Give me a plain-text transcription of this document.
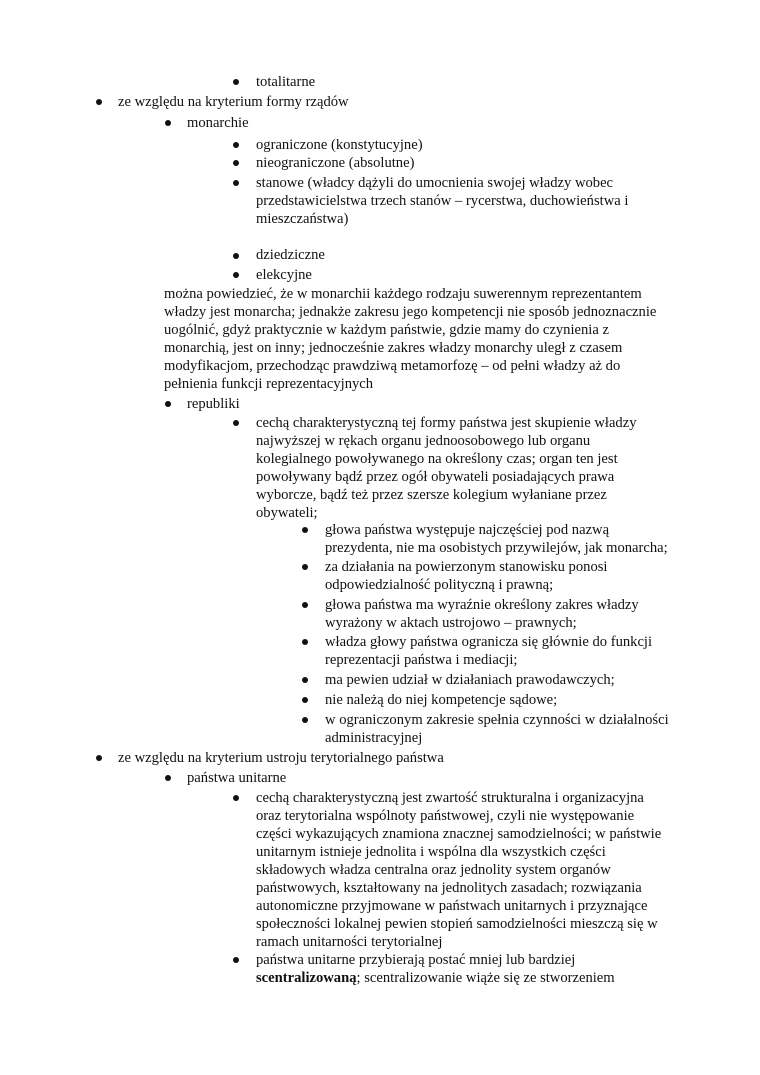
totalitarne
ze względu na kryterium formy rządów
monarchie
ograniczone (konstytucyjne)
nieograniczone (absolutne)
stanowe (władcy dążyli do umocnienia swojej władzy wobec
przedstawicielstwa trzech stanów – rycerstwa, duchowieństwa i
mieszczaństwa)
dziedziczne
elekcyjne
można powiedzieć, że w monarchii każdego rodzaju suwerennym reprezentantem
władzy jest monarcha; jednakże zakresu jego kompetencji nie sposób jednoznacznie
uogólnić, gdyż praktycznie w każdym państwie, gdzie mamy do czynienia z
monarchią, jest on inny; jednocześnie zakres władzy monarchy uległ z czasem
modyfikacjom, przechodząc prawdziwą metamorfozę – od pełni władzy aż do
pełnienia funkcji reprezentacyjnych
republiki
cechą charakterystyczną tej formy państwa jest skupienie władzy
najwyższej w rękach organu jednoosobowego lub organu
kolegialnego powoływanego na określony czas; organ ten jest
powoływany bądź przez ogół obywateli posiadających prawa
wyborcze, bądź też przez szersze kolegium wyłaniane przez
obywateli;
głowa państwa występuje najczęściej pod nazwą
prezydenta, nie ma osobistych przywilejów, jak monarcha;
za działania na powierzonym stanowisku ponosi
odpowiedzialność polityczną i prawną;
głowa państwa ma wyraźnie określony zakres władzy
wyrażony w aktach ustrojowo – prawnych;
władza głowy państwa ogranicza się głównie do funkcji
reprezentacji państwa i mediacji;
ma pewien udział w działaniach prawodawczych;
nie należą do niej kompetencje sądowe;
w ograniczonym zakresie spełnia czynności w działalności
administracyjnej
ze względu na kryterium ustroju terytorialnego państwa
państwa unitarne
cechą charakterystyczną jest zwartość strukturalna i organizacyjna
oraz terytorialna wspólnoty państwowej, czyli nie występowanie
części wykazujących znamiona znacznej samodzielności; w państwie
unitarnym istnieje jednolita i wspólna dla wszystkich części
składowych władza centralna oraz jednolity system organów
państwowych, kształtowany na jednolitych zasadach; rozwiązania
autonomiczne przyjmowane w państwach unitarnych i przyznające
społeczności lokalnej pewien stopień samodzielności mieszczą się w
ramach unitarności terytorialnej
państwa unitarne przybierają postać mniej lub bardziej
scentralizowaną; scentralizowanie wiąże się ze stworzeniem
